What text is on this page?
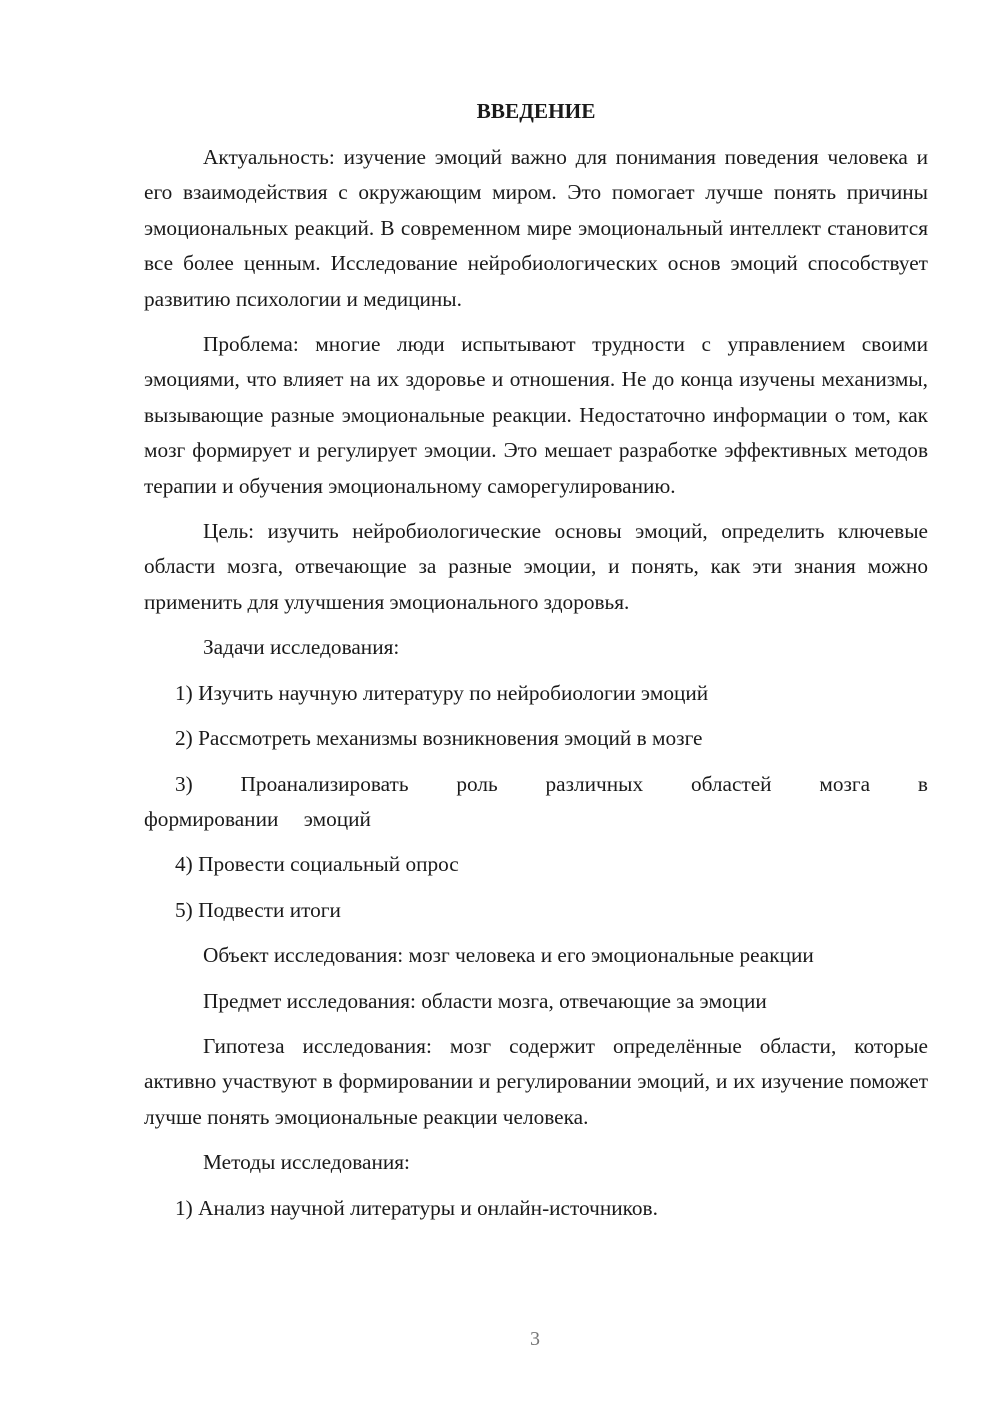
ВВЕДЕНИЕ

Актуальность: изучение эмоций важно для понимания поведения человека и его взаимодействия с окружающим миром. Это помогает лучше понять причины эмоциональных реакций. В современном мире эмоциональный интеллект становится все более ценным. Исследование нейробиологических основ эмоций способствует развитию психологии и медицины.

Проблема: многие люди испытывают трудности с управлением своими эмоциями, что влияет на их здоровье и отношения. Не до конца изучены механизмы, вызывающие разные эмоциональные реакции. Недостаточно информации о том, как мозг формирует и регулирует эмоции. Это мешает разработке эффективных методов терапии и обучения эмоциональному саморегулированию.

Цель: изучить нейробиологические основы эмоций, определить ключевые области мозга, отвечающие за разные эмоции, и понять, как эти знания можно применить для улучшения эмоционального здоровья.

Задачи исследования:

1) Изучить научную литературу по нейробиологии эмоций

2) Рассмотреть механизмы возникновения эмоций в мозге

3) Проанализировать роль различных областей мозга в формировании эмоций

4) Провести социальный опрос

5) Подвести итоги

Объект исследования: мозг человека и его эмоциональные реакции

Предмет исследования: области мозга, отвечающие за эмоции

Гипотеза исследования: мозг содержит определённые области, которые активно участвуют в формировании и регулировании эмоций, и их изучение поможет лучше понять эмоциональные реакции человека.

Методы исследования:

1) Анализ научной литературы и онлайн-источников.

3
